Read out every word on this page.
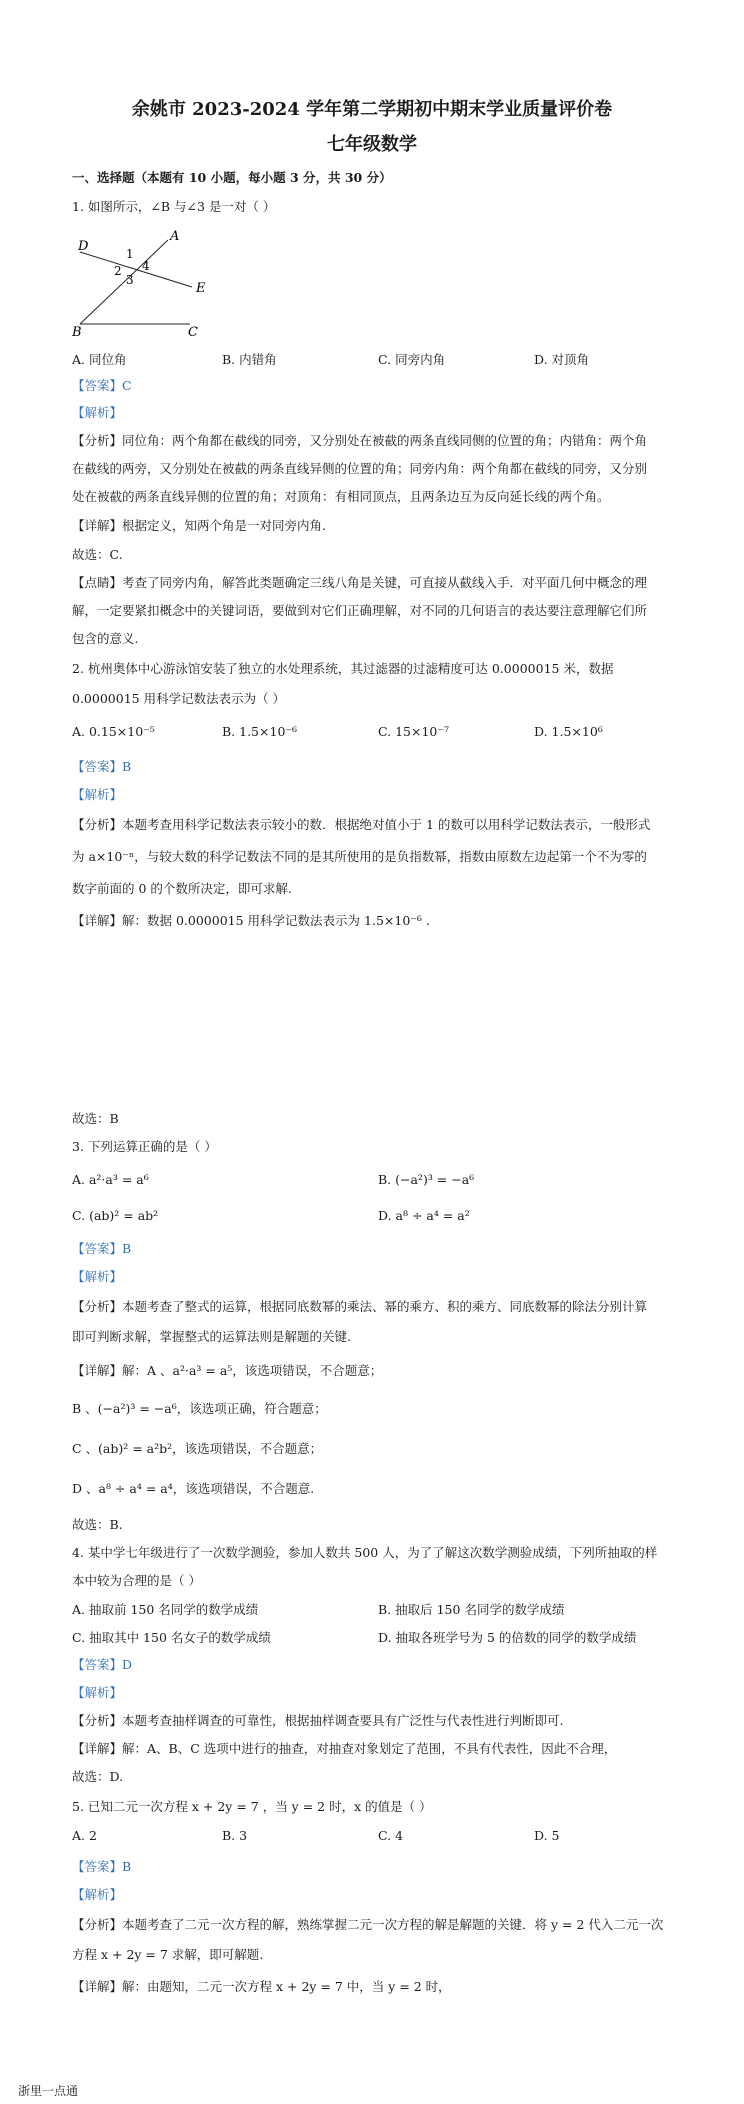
余姚市 2023-2024 学年第二学期初中期末学业质量评价卷
七年级数学
一、选择题（本题有 10 小题，每小题 3 分，共 30 分）
1. 如图所示，∠B 与∠3 是一对（ ）
D
A
1
4
2
3
E
B	C
A. 同位角	B. 内错角	C. 同旁内角	D. 对顶角
【答案】C
【解析】
【分析】同位角：两个角都在截线的同旁，又分别处在被截的两条直线同侧的位置的角；内错角：两个角
在截线的两旁，又分别处在被截的两条直线异侧的位置的角；同旁内角：两个角都在截线的同旁，又分别
处在被截的两条直线异侧的位置的角；对顶角：有相同顶点，且两条边互为反向延长线的两个角。
【详解】根据定义，知两个角是一对同旁内角.
故选：C.
【点睛】考查了同旁内角，解答此类题确定三线八角是关键，可直接从截线入手．对平面几何中概念的理
解，一定要紧扣概念中的关键词语，要做到对它们正确理解，对不同的几何语言的表达要注意理解它们所
包含的意义.
2. 杭州奥体中心游泳馆安装了独立的水处理系统，其过滤器的过滤精度可达 0.0000015 米，数据
0.0000015 用科学记数法表示为（ ）
A. 0.15×10⁻⁵	B. 1.5×10⁻⁶	C. 15×10⁻⁷	D. 1.5×10⁶
【答案】B
【解析】
【分析】本题考查用科学记数法表示较小的数．根据绝对值小于 1 的数可以用科学记数法表示，一般形式
为 a×10⁻ⁿ，与较大数的科学记数法不同的是其所使用的是负指数幂，指数由原数左边起第一个不为零的
数字前面的 0 的个数所决定，即可求解.
【详解】解：数据 0.0000015 用科学记数法表示为 1.5×10⁻⁶ .
故选：B
3. 下列运算正确的是（ ）
A. a²·a³ = a⁶	B. (−a²)³ = −a⁶
C. (ab)² = ab²	D. a⁸ ÷ a⁴ = a²
【答案】B
【解析】
【分析】本题考查了整式的运算，根据同底数幂的乘法、幂的乘方、积的乘方、同底数幂的除法分别计算
即可判断求解，掌握整式的运算法则是解题的关键.
【详解】解：A 、a²·a³ = a⁵，该选项错误，不合题意；
B 、(−a²)³ = −a⁶，该选项正确，符合题意；
C 、(ab)² = a²b²，该选项错误，不合题意；
D 、a⁸ ÷ a⁴ = a⁴，该选项错误，不合题意.
故选：B.
4. 某中学七年级进行了一次数学测验，参加人数共 500 人，为了了解这次数学测验成绩，下列所抽取的样
本中较为合理的是（ ）
A. 抽取前 150 名同学的数学成绩	B. 抽取后 150 名同学的数学成绩
C. 抽取其中 150 名女子的数学成绩	D. 抽取各班学号为 5 的倍数的同学的数学成绩
【答案】D
【解析】
【分析】本题考查抽样调查的可靠性，根据抽样调查要具有广泛性与代表性进行判断即可.
【详解】解：A、B、C 选项中进行的抽查，对抽查对象划定了范围，不具有代表性，因此不合理，
故选：D.
5. 已知二元一次方程 x + 2y = 7 ，当 y = 2 时，x 的值是（ ）
A. 2	B. 3	C. 4	D. 5
【答案】B
【解析】
【分析】本题考查了二元一次方程的解，熟练掌握二元一次方程的解是解题的关键．将 y = 2 代入二元一次
方程 x + 2y = 7 求解，即可解题.
【详解】解：由题知，二元一次方程 x + 2y = 7 中，当 y = 2 时，
浙里一点通
